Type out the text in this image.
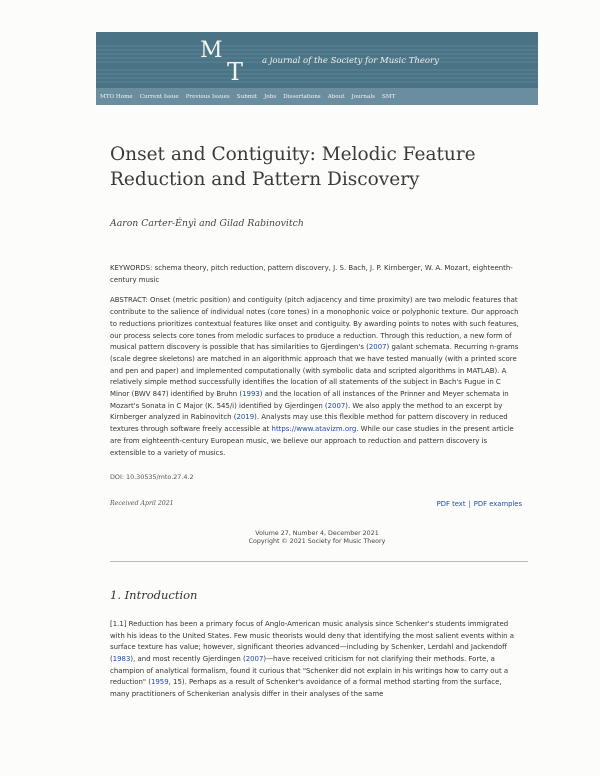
M
T a journal of the Society for Music Theory
MTO Home Current Issue Previous Issues Submit Jobs Dissertations About Journals SMT
Onset and Contiguity: Melodic Feature Reduction and Pattern Discovery
Aaron Carter-Ényì and Gilad Rabinovitch
KEYWORDS: schema theory, pitch reduction, pattern discovery, J. S. Bach, J. P. Kirnberger, W. A. Mozart, eighteenth-century music
ABSTRACT: Onset (metric position) and contiguity (pitch adjacency and time proximity) are two melodic features that contribute to the salience of individual notes (core tones) in a monophonic voice or polyphonic texture. Our approach to reductions prioritizes contextual features like onset and contiguity. By awarding points to notes with such features, our process selects core tones from melodic surfaces to produce a reduction. Through this reduction, a new form of musical pattern discovery is possible that has similarities to Gjerdingen's (2007) galant schemata. Recurring n-grams (scale degree skeletons) are matched in an algorithmic approach that we have tested manually (with a printed score and pen and paper) and implemented computationally (with symbolic data and scripted algorithms in MATLAB). A relatively simple method successfully identifies the location of all statements of the subject in Bach's Fugue in C Minor (BWV 847) identified by Bruhn (1993) and the location of all instances of the Prinner and Meyer schemata in Mozart's Sonata in C Major (K. 545/i) identified by Gjerdingen (2007). We also apply the method to an excerpt by Kirnberger analyzed in Rabinovitch (2019). Analysts may use this flexible method for pattern discovery in reduced textures through software freely accessible at https://www.atavizm.org. While our case studies in the present article are from eighteenth-century European music, we believe our approach to reduction and pattern discovery is extensible to a variety of musics.
DOI: 10.30535/mto.27.4.2
Received April 2021	PDF text | PDF examples
Volume 27, Number 4, December 2021
Copyright © 2021 Society for Music Theory
1. Introduction
[1.1] Reduction has been a primary focus of Anglo-American music analysis since Schenker's students immigrated with his ideas to the United States. Few music theorists would deny that identifying the most salient events within a surface texture has value; however, significant theories advanced—including by Schenker, Lerdahl and Jackendoff (1983), and most recently Gjerdingen (2007)—have received criticism for not clarifying their methods. Forte, a champion of analytical formalism, found it curious that "Schenker did not explain in his writings how to carry out a reduction" (1959, 15). Perhaps as a result of Schenker's avoidance of a formal method starting from the surface, many practitioners of Schenkerian analysis differ in their analyses of the same
